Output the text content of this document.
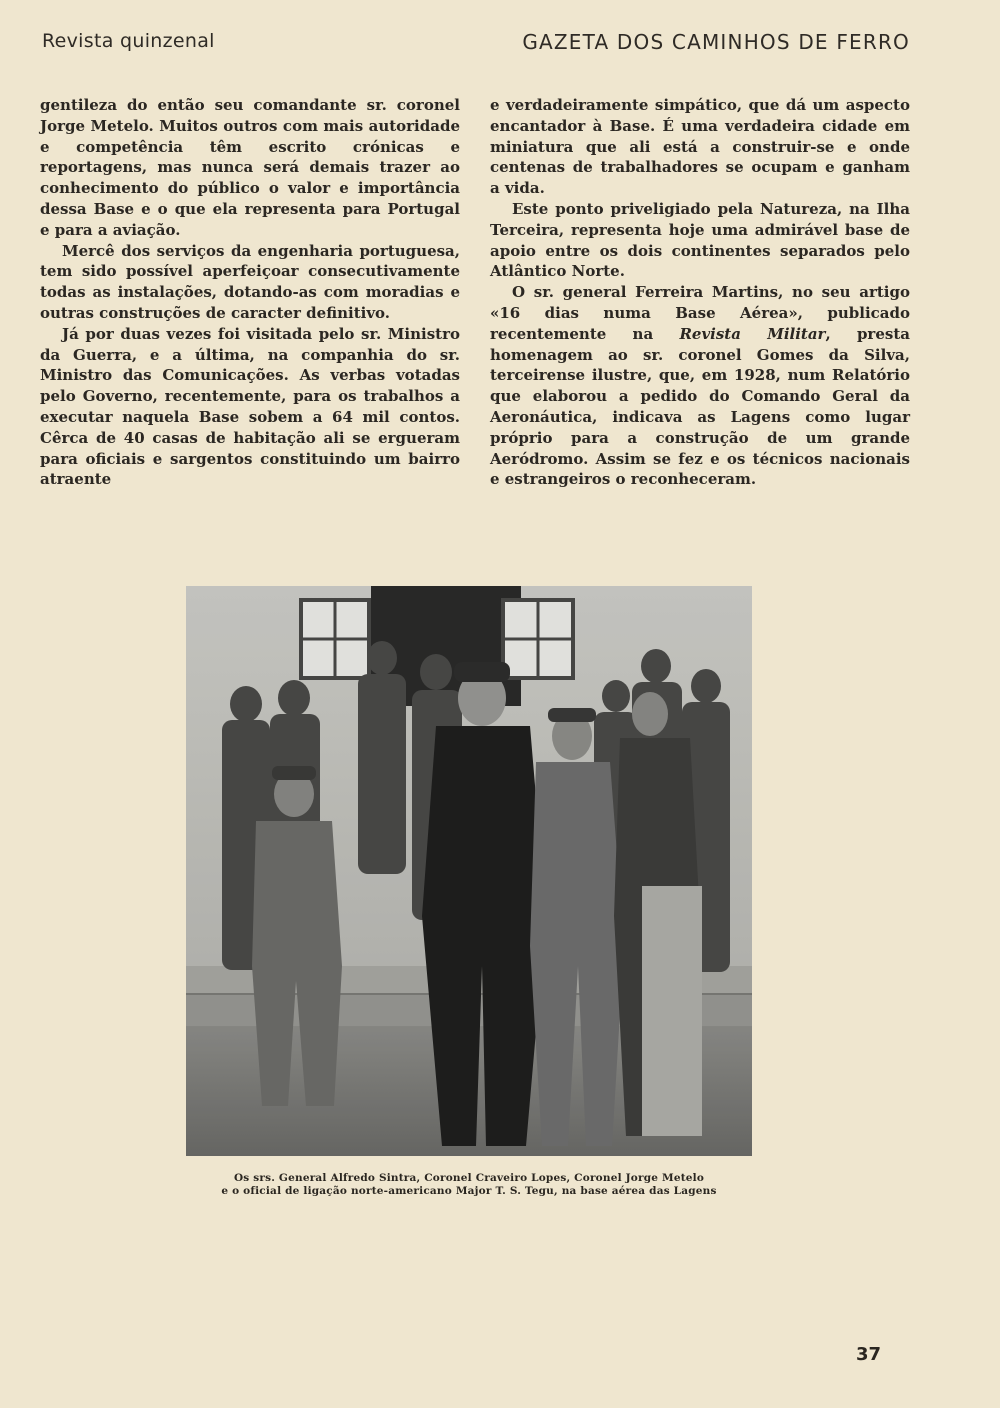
Revista quinzenal	GAZETA DOS CAMINHOS DE FERRO

gentileza do então seu comandante sr. coronel Jorge Metelo. Muitos outros com mais autoridade e competência têm escrito crónicas e reportagens, mas nunca será demais trazer ao conhecimento do público o valor e importância dessa Base e o que ela representa para Portugal e para a aviação.

Mercê dos serviços da engenharia portuguesa, tem sido possível aperfeiçoar consecutivamente todas as instalações, dotando-as com moradias e outras construções de caracter definitivo.

Já por duas vezes foi visitada pelo sr. Ministro da Guerra, e a última, na companhia do sr. Ministro das Comunicações. As verbas votadas pelo Governo, recentemente, para os trabalhos a executar naquela Base sobem a 64 mil contos. Cêrca de 40 casas de habitação ali se ergueram para oficiais e sargentos constituindo um bairro atraente

e verdadeiramente simpático, que dá um aspecto encantador à Base. É uma verdadeira cidade em miniatura que ali está a construir-se e onde centenas de trabalhadores se ocupam e ganham a vida.

Este ponto priveligiado pela Natureza, na Ilha Terceira, representa hoje uma admirável base de apoio entre os dois continentes separados pelo Atlântico Norte.

O sr. general Ferreira Martins, no seu artigo «16 dias numa Base Aérea», publicado recentemente na Revista Militar, presta homenagem ao sr. coronel Gomes da Silva, terceirense ilustre, que, em 1928, num Relatório que elaborou a pedido do Comando Geral da Aeronáutica, indicava as Lagens como lugar próprio para a construção de um grande Aeródromo. Assim se fez e os técnicos nacionais e estrangeiros o reconheceram.

Os srs. General Alfredo Sintra, Coronel Craveiro Lopes, Coronel Jorge Metelo
e o oficial de ligação norte-americano Major T. S. Tegu, na base aérea das Lagens
37
